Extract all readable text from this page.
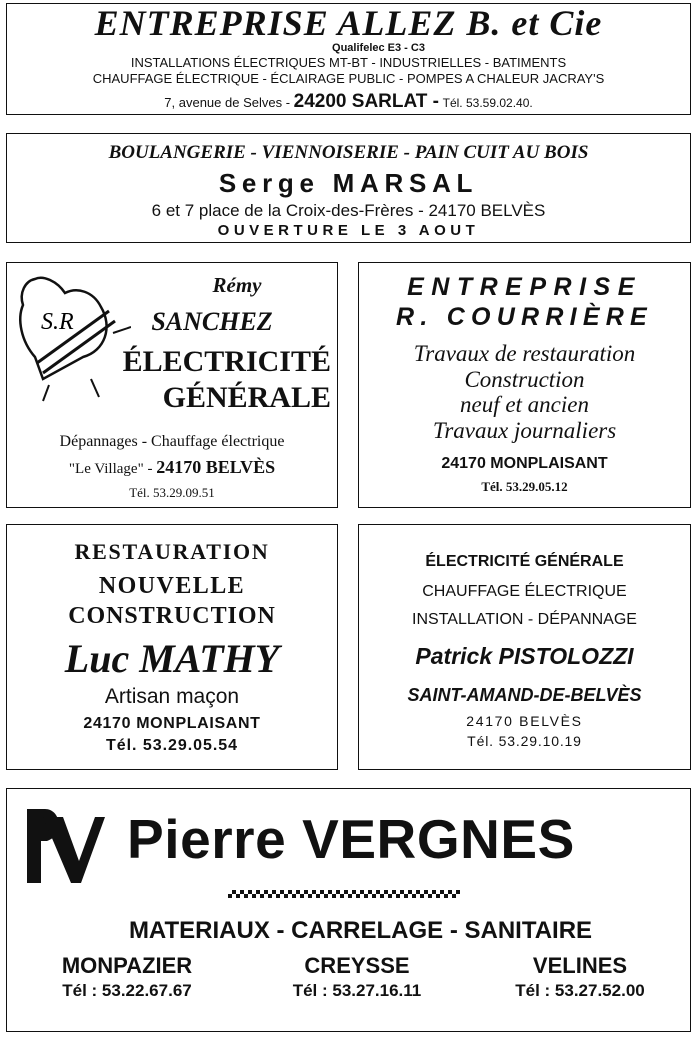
ENTREPRISE ALLEZ B. et Cie
Qualifelec E3 - C3
INSTALLATIONS ÉLECTRIQUES MT-BT - INDUSTRIELLES - BATIMENTS
CHAUFFAGE ÉLECTRIQUE - ÉCLAIRAGE PUBLIC - POMPES A CHALEUR JACRAY'S
7, avenue de Selves - 24200 SARLAT - Tél. 53.59.02.40.
BOULANGERIE - VIENNOISERIE - PAIN CUIT AU BOIS
Serge MARSAL
6 et 7 place de la Croix-des-Frères - 24170 BELVÈS
OUVERTURE LE 3 AOUT
S.R
Rémy
SANCHEZ
ÉLECTRICITÉ
GÉNÉRALE
Dépannages - Chauffage électrique
"Le Village" - 24170 BELVÈS
Tél. 53.29.09.51
ENTREPRISE
R. COURRIÈRE
Travaux de restauration
Construction
neuf et ancien
Travaux journaliers
24170 MONPLAISANT
Tél. 53.29.05.12
RESTAURATION
NOUVELLE
CONSTRUCTION
Luc MATHY
Artisan maçon
24170 MONPLAISANT
Tél. 53.29.05.54
ÉLECTRICITÉ GÉNÉRALE
CHAUFFAGE ÉLECTRIQUE
INSTALLATION - DÉPANNAGE
Patrick PISTOLOZZI
SAINT-AMAND-DE-BELVÈS
24170 BELVÈS
Tél. 53.29.10.19
Pierre VERGNES
MATERIAUX - CARRELAGE - SANITAIRE
MONPAZIER
Tél : 53.22.67.67
CREYSSE
Tél : 53.27.16.11
VELINES
Tél : 53.27.52.00
